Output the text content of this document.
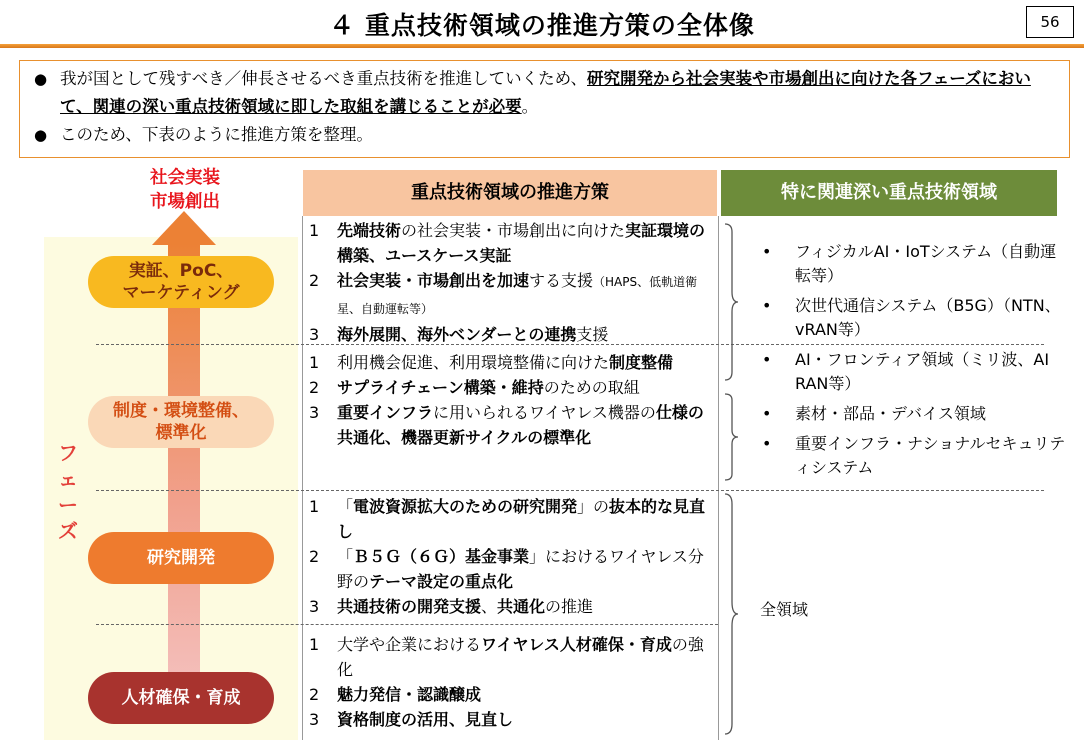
４ 重点技術領域の推進方策の全体像	56
● 我が国として残すべき／伸長させるべき重点技術を推進していくため、研究開発から社会実装や市場創出に向けた各フェーズにおいて、関連の深い重点技術領域に即した取組を講じることが必要。
● このため、下表のように推進方策を整理。
社会実装
市場創出
フ
ェ
ー
ズ
実証、PoC、
マーケティング
制度・環境整備、
標準化
研究開発
人材確保・育成
重点技術領域の推進方策	特に関連深い重点技術領域
1 先端技術の社会実装・市場創出に向けた実証環境の構築、ユースケース実証
2 社会実装・市場創出を加速する支援（HAPS、低軌道衛星、自動運転等）
3 海外展開、海外ベンダーとの連携支援
1 利用機会促進、利用環境整備に向けた制度整備
2 サプライチェーン構築・維持のための取組
3 重要インフラに用いられるワイヤレス機器の仕様の共通化、機器更新サイクルの標準化
1 「電波資源拡大のための研究開発」の抜本的な見直し
2 「Ｂ５Ｇ（６Ｇ）基金事業」におけるワイヤレス分野のテーマ設定の重点化
3 共通技術の開発支援、共通化の推進
1 大学や企業におけるワイヤレス人材確保・育成の強化
2 魅力発信・認識醸成
3 資格制度の活用、見直し
• フィジカルAI・IoTシステム（自動運転等）
• 次世代通信システム（B5G）（NTN、vRAN等）
• AI・フロンティア領域（ミリ波、AI RAN等）
• 素材・部品・デバイス領域
• 重要インフラ・ナショナルセキュリティシステム
全領域
